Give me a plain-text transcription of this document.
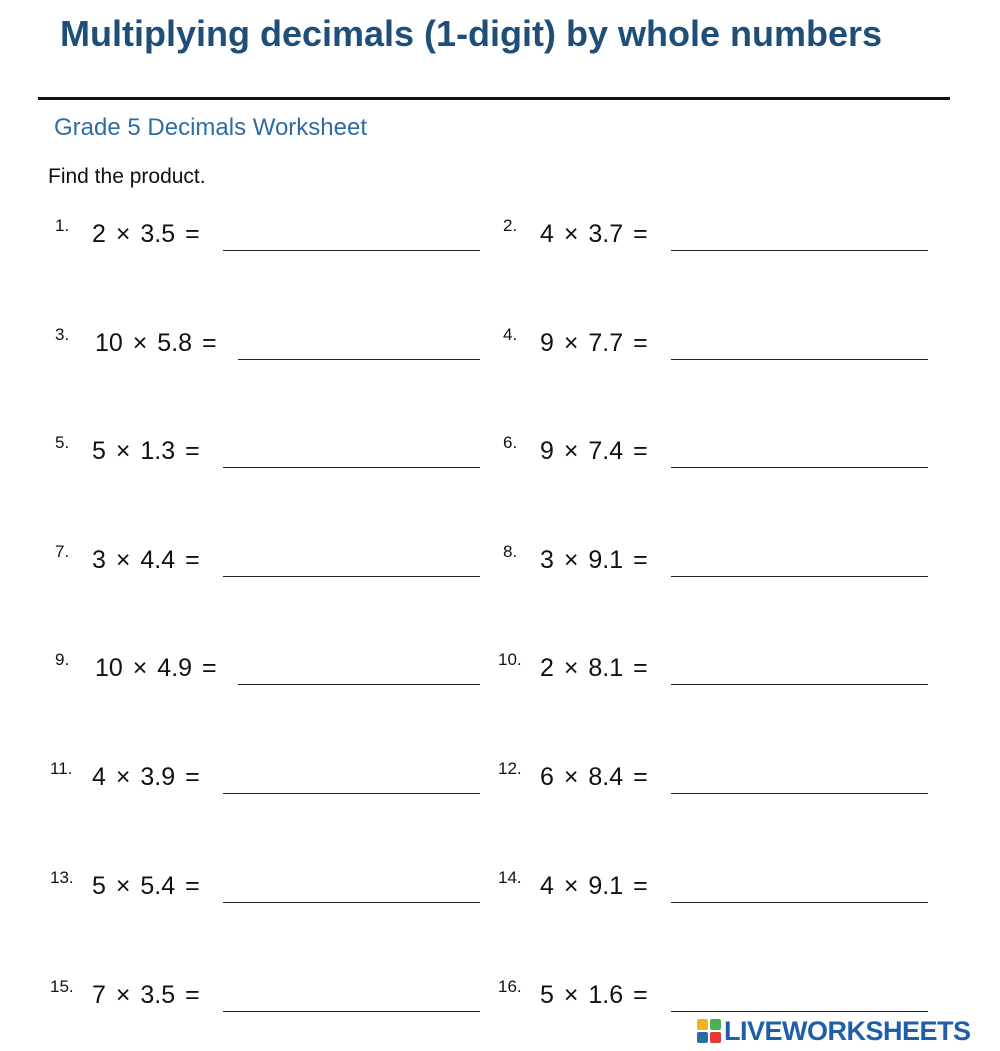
Multiplying decimals (1-digit) by whole numbers
Grade 5 Decimals Worksheet
Find the product.
1. 2 × 3.5 =	2. 4 × 3.7 =
3. 10 × 5.8 =	4. 9 × 7.7 =
5. 5 × 1.3 =	6. 9 × 7.4 =
7. 3 × 4.4 =	8. 3 × 9.1 =
9. 10 × 4.9 =	10. 2 × 8.1 =
11. 4 × 3.9 =	12. 6 × 8.4 =
13. 5 × 5.4 =	14. 4 × 9.1 =
15. 7 × 3.5 =	16. 5 × 1.6 =
LIVEWORKSHEETS
